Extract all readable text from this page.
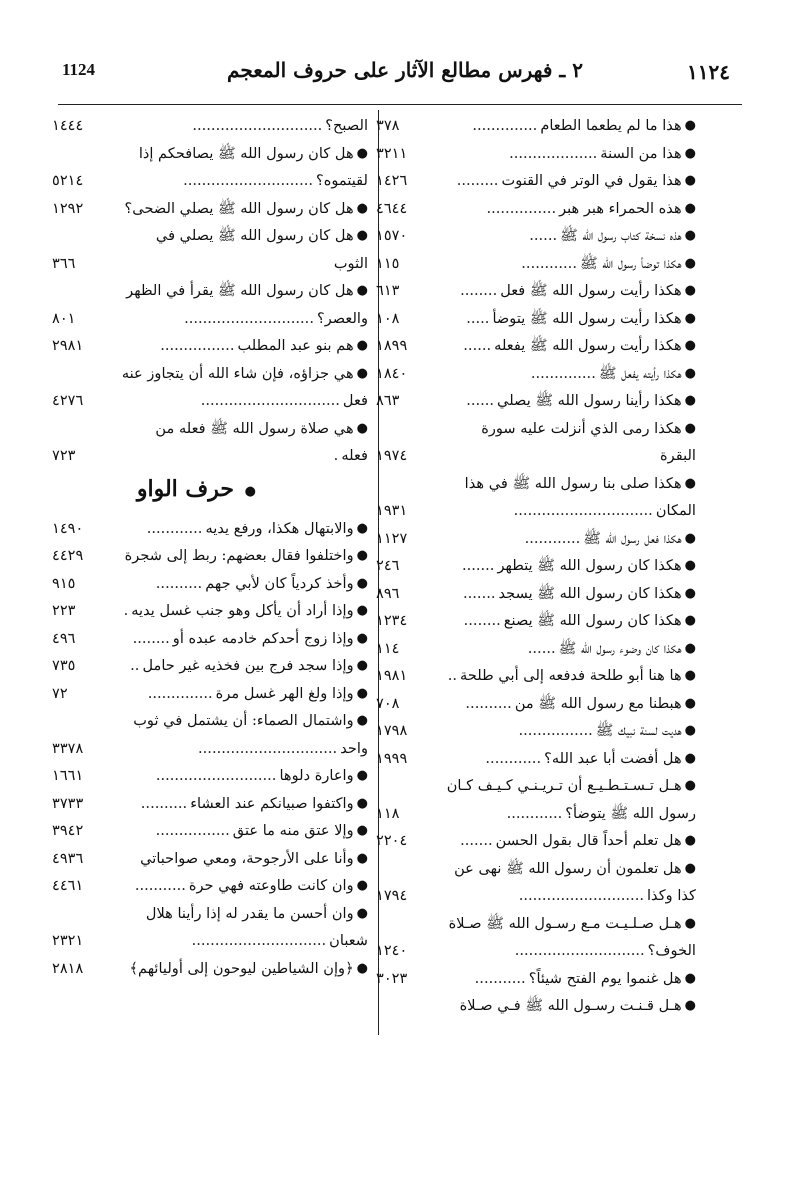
1124	٢ ـ فهرس مطالع الآثار على حروف المعجم	١١٢٤
●هذا ما لم يطعما الطعام..............
٣٧٨
●هذا من السنة...................
٣٢١١
●هذا يقول في الوتر في القنوت.........
١٤٢٦
●هذه الحمراء هبر هبر...............
٤٦٤٤
●هذه نسخة كتاب رسول الله ﷺ......
١٥٧٠
●هكذا توضأ رسول الله ﷺ............
١١٥
●هكذا رأيت رسول الله ﷺ فعل........
٦١٣
●هكذا رأيت رسول الله ﷺ يتوضأ.....
١٠٨
●هكذا رأيت رسول الله ﷺ يفعله......
١٨٩٩
●هكذا رأيته يفعل ﷺ..............
١٨٤٠
●هكذا رأينا رسول الله ﷺ يصلي......
٨٦٣
●هكذا رمى الذي أنزلت عليه سورة البقرة
١٩٧٤
●هكذا صلى بنا رسول الله ﷺ في هذا
المكان..............................
١٩٣١
●هكذا فعل رسول الله ﷺ............
١١٢٧
●هكذا كان رسول الله ﷺ يتطهر.......
٢٤٦
●هكذا كان رسول الله ﷺ يسجد.......
٨٩٦
●هكذا كان رسول الله ﷺ يصنع........
١٢٣٤
●هكذا كان وضوء رسول الله ﷺ......
١١٤
●ها هنا أبو طلحة فدفعه إلى أبي طلحة..
١٩٨١
●هبطنا مع رسول الله ﷺ من..........
٧٠٨
●هديت لسنة نبيك ﷺ................
١٧٩٨
●هل أفضت أبا عبد الله؟............
١٩٩٩
●هـل تـسـتـطـيـع أن تـريـنـي كـيـف كـان
رسول الله ﷺ يتوضأ؟............
١١٨
●هل تعلم أحداً قال بقول الحسن.......
٢٢٠٤
●هل تعلمون أن رسول الله ﷺ نهى عن
كذا وكذا...........................
١٧٩٤
●هـل صـلـيـت مـع رسـول الله ﷺ صـلاة
الخوف؟............................
١٢٤٠
●هل غنموا يوم الفتح شيئاً؟...........
٣٠٢٣
●هـل قـنـت رسـول الله ﷺ فـي صـلاة
الصبح؟............................
١٤٤٤
●هل كان رسول الله ﷺ يصافحكم إذا
لقيتموه؟............................
٥٢١٤
●هل كان رسول الله ﷺ يصلي الضحى؟
١٢٩٢
●هل كان رسول الله ﷺ يصلي في الثوب
٣٦٦
●هل كان رسول الله ﷺ يقرأ في الظهر
والعصر؟............................
٨٠١
●هم بنو عبد المطلب................
٢٩٨١
●هي جزاؤه، فإن شاء الله أن يتجاوز عنه
فعل..............................
٤٢٧٦
●هي صلاة رسول الله ﷺ فعله من فعله.
٧٢٣
● حرف الواو
●والابتهال هكذا، ورفع يديه............
١٤٩٠
●واختلفوا فقال بعضهم: ربط إلى شجرة
٤٤٢٩
●وأخذ كردياً كان لأبي جهم..........
٩١٥
●وإذا أراد أن يأكل وهو جنب غسل يديه.
٢٢٣
●وإذا زوج أحدكم خادمه عبده أو........
٤٩٦
●وإذا سجد فرج بين فخذيه غير حامل..
٧٣٥
●وإذا ولغ الهر غسل مرة..............
٧٢
●واشتمال الصماء: أن يشتمل في ثوب
واحد..............................
٣٣٧٨
●واعارة دلوها..........................
١٦٦١
●واكتفوا صبيانكم عند العشاء..........
٣٧٣٣
●وإلا عتق منه ما عتق................
٣٩٤٢
●وأنا على الأرجوحة، ومعي صواحباتي
٤٩٣٦
●وان كانت طاوعته فهي حرة...........
٤٤٦١
●وان أحسن ما يقدر له إذا رأينا هلال
شعبان.............................
٢٣٢١
●﴿وإن الشياطين ليوحون إلى أوليائهم﴾
٢٨١٨
